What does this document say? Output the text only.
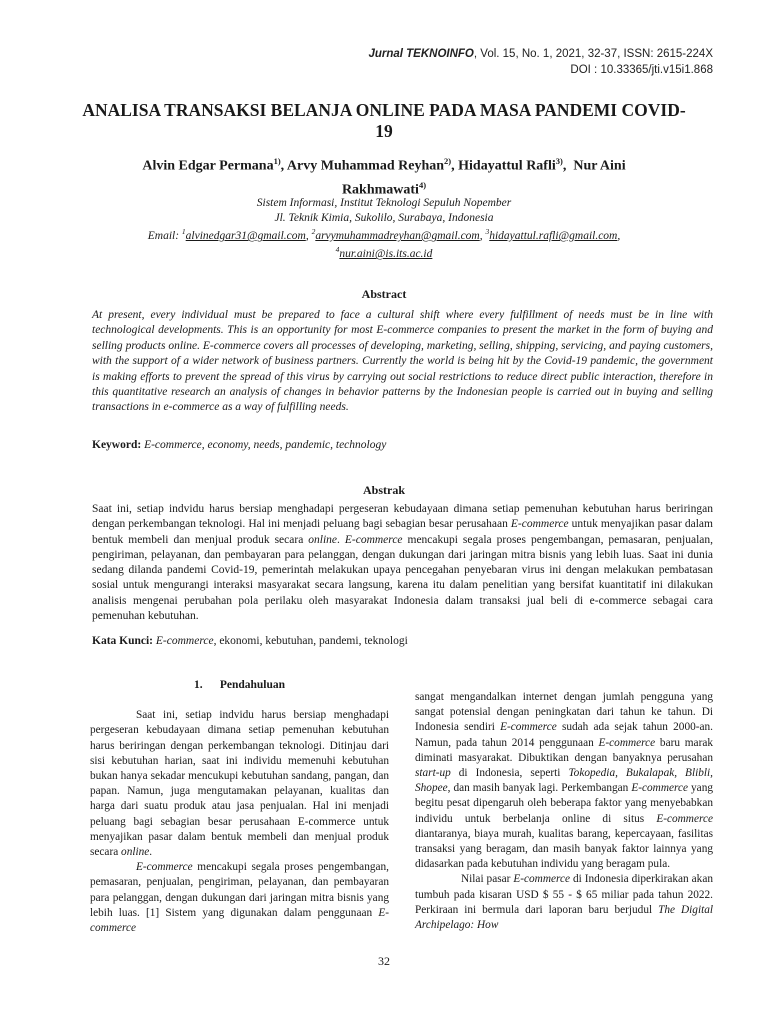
Jurnal TEKNOINFO, Vol. 15, No. 1, 2021, 32-37, ISSN: 2615-224X
DOI : 10.33365/jti.v15i1.868
ANALISA TRANSAKSI BELANJA ONLINE PADA MASA PANDEMI COVID-19
Alvin Edgar Permana$^{1)}$, Arvy Muhammad Reyhan$^{2)}$, Hidayattul Rafli$^{3)}$,  Nur Aini Rakhmawati$^{4)}$
Sistem Informasi, Institut Teknologi Sepuluh Nopember
Jl. Teknik Kimia, Sukolilo, Surabaya, Indonesia
Email: $^1$alvinedgar31@gmail.com, $^2$arvymuhammadreyhan@gmail.com, $^3$hidayattul.rafli@gmail.com,
$^4$nur.aini@is.its.ac.id
Abstract
At present, every individual must be prepared to face a cultural shift where every fulfillment of needs must be in line with technological developments. This is an opportunity for most E-commerce companies to present the market in the form of buying and selling products online. E-commerce covers all processes of developing, marketing, selling, shipping, servicing, and paying customers, with the support of a wider network of business partners. Currently the world is being hit by the Covid-19 pandemic, the government is making efforts to prevent the spread of this virus by carrying out social restrictions to reduce direct public interaction, therefore in this quantitative research an analysis of changes in behavior patterns by the Indonesian people is carried out in buying and selling transactions in e-commerce as a way of fulfilling needs.
Keyword: E-commerce, economy, needs, pandemic, technology
Abstrak
Saat ini, setiap indvidu harus bersiap menghadapi pergeseran kebudayaan dimana setiap pemenuhan kebutuhan harus beriringan dengan perkembangan teknologi. Hal ini menjadi peluang bagi sebagian besar perusahaan E-commerce untuk menyajikan pasar dalam bentuk membeli dan menjual produk secara online. E-commerce mencakupi segala proses pengembangan, pemasaran, penjualan, pengiriman, pelayanan, dan pembayaran para pelanggan, dengan dukungan dari jaringan mitra bisnis yang lebih luas. Saat ini dunia sedang dilanda pandemi Covid-19, pemerintah melakukan upaya pencegahan penyebaran virus ini dengan melakukan pembatasan sosial untuk mengurangi interaksi masyarakat secara langsung, karena itu dalam penelitian yang bersifat kuantitatif ini dilakukan analisis mengenai perubahan pola perilaku oleh masyarakat Indonesia dalam transaksi jual beli di e-commerce sebagai cara pemenuhan kebutuhan.
Kata Kunci: E-commerce, ekonomi, kebutuhan, pandemi, teknologi
1.      Pendahuluan

Saat ini, setiap indvidu harus bersiap menghadapi pergeseran kebudayaan dimana setiap pemenuhan kebutuhan harus beriringan dengan perkembangan teknologi. Ditinjau dari sisi kebutuhan harian, saat ini individu memenuhi kebutuhan bukan hanya sekadar mencukupi kebutuhan sandang, pangan, dan papan. Namun, juga mengutamakan pelayanan, kualitas dan harga dari suatu produk atau jasa penjualan. Hal ini menjadi peluang bagi sebagian besar perusahaan E-commerce untuk menyajikan pasar dalam bentuk membeli dan menjual produk secara online.

E-commerce mencakupi segala proses pengembangan, pemasaran, penjualan, pengiriman, pelayanan, dan pembayaran para pelanggan, dengan dukungan dari jaringan mitra bisnis yang lebih luas. [1] Sistem yang digunakan dalam penggunaan E-commerce

sangat mengandalkan internet dengan jumlah pengguna yang sangat potensial dengan peningkatan dari tahun ke tahun. Di Indonesia sendiri E-commerce sudah ada sejak tahun 2000-an. Namun, pada tahun 2014 penggunaan E-commerce baru marak diminati masyarakat. Dibuktikan dengan banyaknya perusahan start-up di Indonesia, seperti Tokopedia, Bukalapak, Blibli, Shopee, dan masih banyak lagi. Perkembangan E-commerce yang begitu pesat dipengaruh oleh beberapa faktor yang menyebabkan individu untuk berbelanja online di situs E-commerce diantaranya, biaya murah, kualitas barang, kepercayaan, fasilitas transaksi yang beragam, dan masih banyak faktor lainnya yang didasarkan pada kebutuhan individu yang beragam pula.

Nilai pasar E-commerce di Indonesia diperkirakan akan tumbuh pada kisaran USD $ 55 - $ 65 miliar pada tahun 2022. Perkiraan ini bermula dari laporan baru berjudul The Digital Archipelago: How

32
